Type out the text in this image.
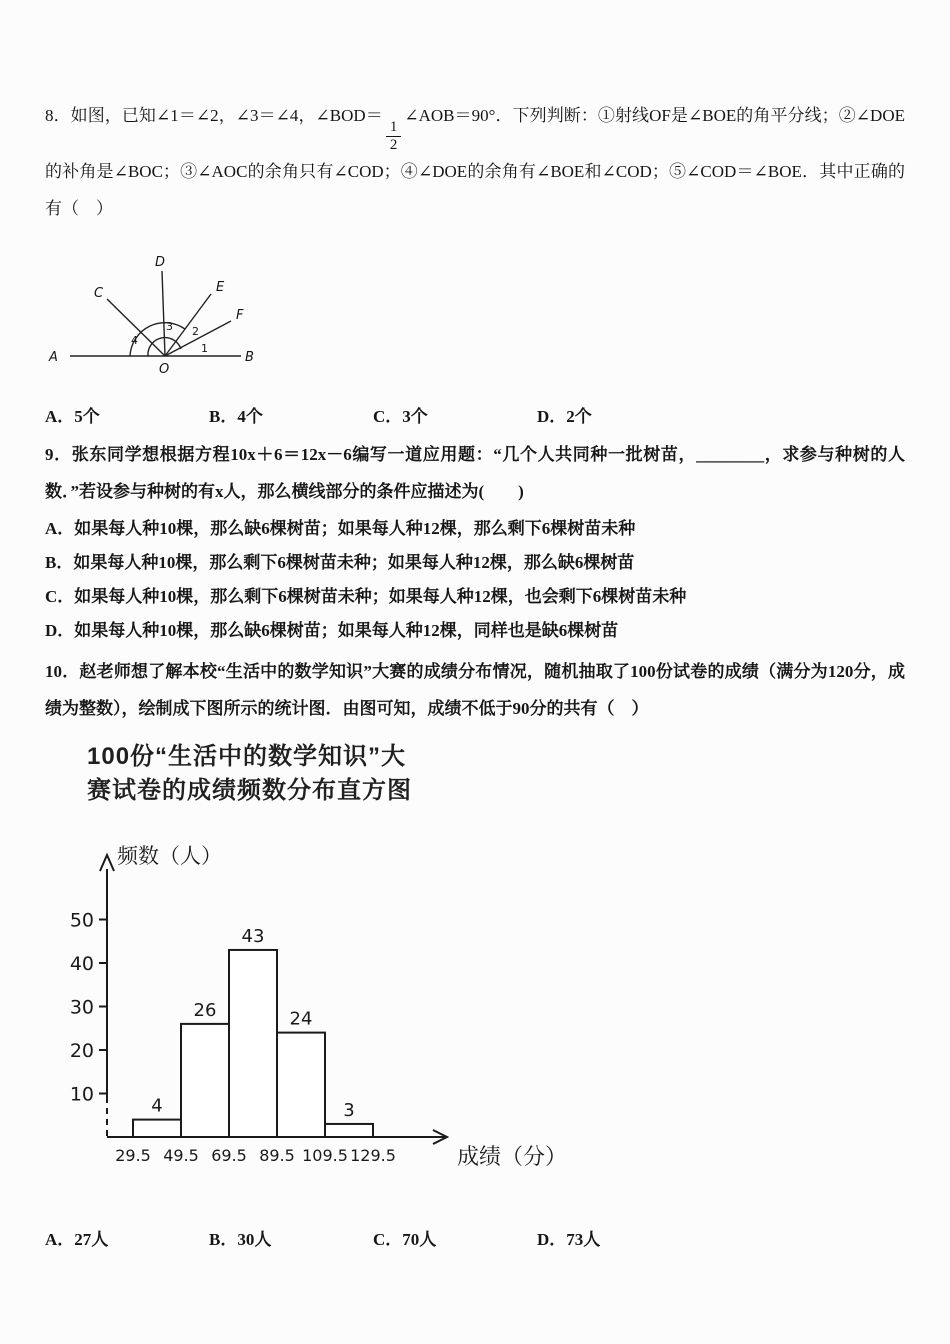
8．如图，已知∠1＝∠2，∠3＝∠4，∠BOD＝
$\frac{1}{2}$
∠AOB＝90°．下列判断：①射线OF是∠BOE的角平分线；②∠DOE的补角是∠BOC；③∠AOC的余角只有∠COD；④∠DOE的余角有∠BOE和∠COD；⑤∠COD＝∠BOE．其中正确的有（　）

A	B
C
D
E
F
O
4
3 2
1
A．5个	B．4个	C．3个	D．2个

9．张东同学想根据方程10x＋6＝12x－6编写一道应用题：“几个人共同种一批树苗，________，求参与种树的人数．”若设参与种树的有x人，那么横线部分的条件应描述为(　　)

A．如果每人种10棵，那么缺6棵树苗；如果每人种12棵，那么剩下6棵树苗未种
B．如果每人种10棵，那么剩下6棵树苗未种；如果每人种12棵，那么缺6棵树苗
C．如果每人种10棵，那么剩下6棵树苗未种；如果每人种12棵，也会剩下6棵树苗未种
D．如果每人种10棵，那么缺6棵树苗；如果每人种12棵，同样也是缺6棵树苗

10．赵老师想了解本校“生活中的数学知识”大赛的成绩分布情况，随机抽取了100份试卷的成绩（满分为120分，成绩为整数），绘制成下图所示的统计图．由图可知，成绩不低于90分的共有（　）

100份“生活中的数学知识”大
赛试卷的成绩频数分布直方图
频数（人）
成绩（分）
10
20
30
40
50
4
26
43
24
3
29.5 49.5 69.5 89.5 109.5 129.5
A．27人	B．30人	C．70人	D．73人
